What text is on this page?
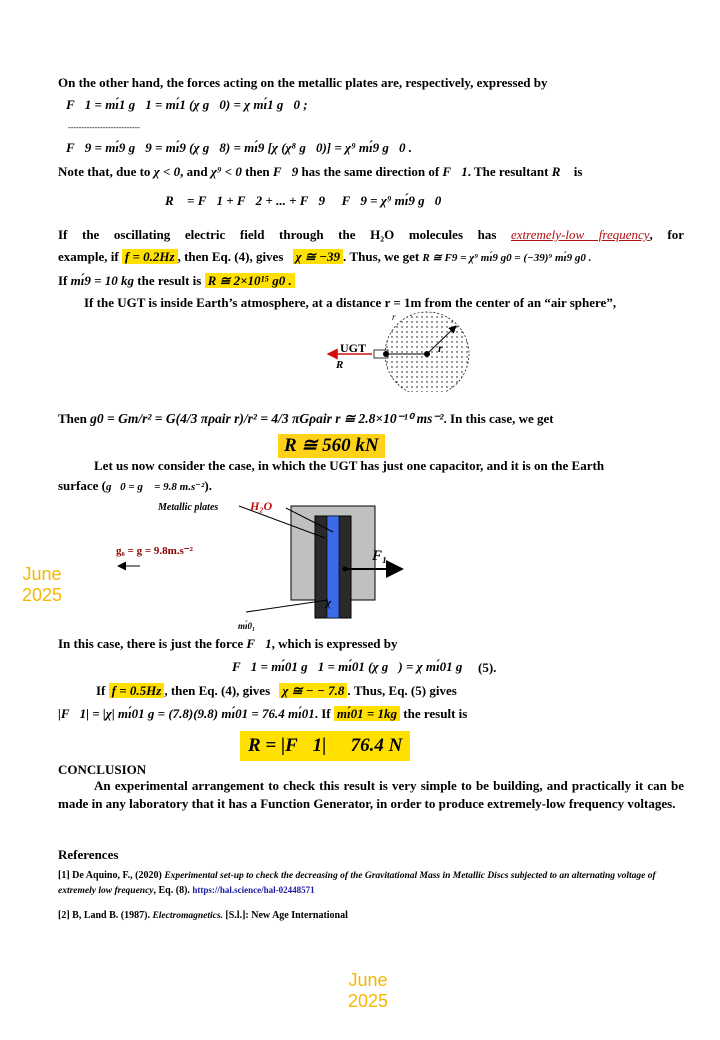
On the other hand, the forces acting on the metallic plates are, respectively, expressed by
F⃗1 = mı́1 g⃗1 = mı́1 (χ g⃗0) = χ mı́1 g⃗0 ;
---------------------------
F⃗9 = mı́9 g⃗9 = mı́9 (χ g⃗8) = mı́9 [χ (χ⁸ g⃗0)] = χ⁹ mı́9 g⃗0 .
Note that, due to χ < 0, and χ⁹ < 0 then F⃗9 has the same direction of F⃗1. The resultant R⃗ is
R⃗ = F⃗1 + F⃗2 + ... + F⃗9 ≅ F⃗9 = χ⁹ mı́9 g⃗0
If the oscillating electric field through the H₂O molecules has extremely-low frequency, for
example, if f = 0.2Hz , then Eq. (4), gives χ ≅ −39 . Thus, we get R ≅ F9 = χ⁹ mı́9 g0 = (−39)⁹ mı́9 g0 .
If mı́9 = 10 kg the result is R ≅ 2×10¹⁵ g0 .
If the UGT is inside Earth’s atmosphere, at a distance r = 1m from the center of an “air sphere”,
UGT
R
r
r
Then g0 = Gm/r² = G(4/3 πρair r)/r² = 4/3 πGρair r ≅ 2.8×10⁻¹⁰ ms⁻². In this case, we get
R ≅ 560 kN
Let us now consider the case, in which the UGT has just one capacitor, and it is on the Earth
surface (g⃗0 = g⃗ = 9.8 m.s⁻²).
Metallic plates	H₂O
g₀ = g = 9.8m.s⁻²	F₁
χ
mı́0₁
In this case, there is just the force F⃗1, which is expressed by
F⃗1 = mı́01 g⃗1 = mı́01 (χ g⃗) = χ mı́01 g⃗ (5).
If f = 0.5Hz , then Eq. (4), gives χ ≅ − − 7.8 . Thus, Eq. (5) gives
|F⃗1| = |χ| mı́01 g = (7.8)(9.8) mı́01 = 76.4 mı́01. If mı́01 = 1kg the result is
R = |F⃗1| ≅ 76.4 N
CONCLUSION
An experimental arrangement to check this result is very simple to be building, and practically it can be made in any laboratory that it has a Function Generator, in order to produce extremely-low frequency voltages.
References
[1] De Aquino, F., (2020) Experimental set-up to check the decreasing of the Gravitational Mass in Metallic Discs subjected to an alternating voltage of extremely low frequency, Eq. (8). https://hal.science/hal-02448571
[2] B, Land B. (1987). Electromagnetics. [S.l.]: New Age International
June
2025
June
2025
